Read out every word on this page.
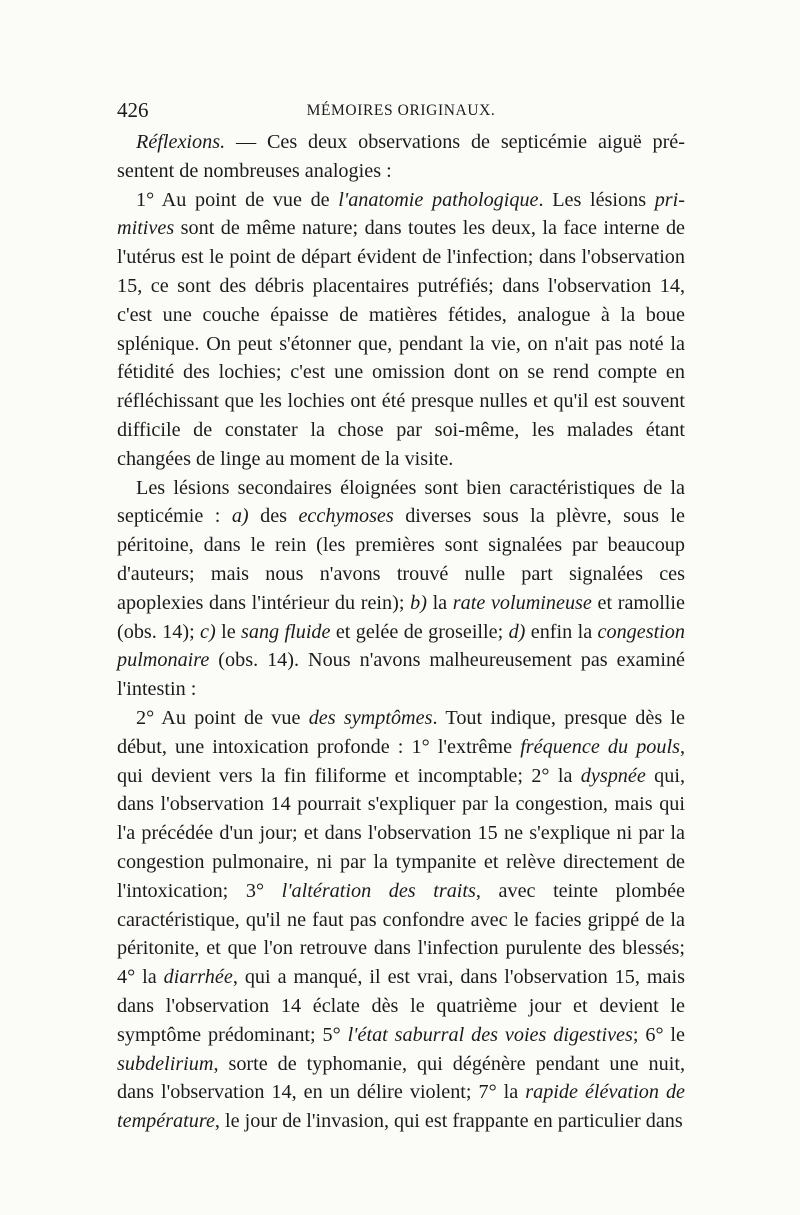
426	MÉMOIRES ORIGINAUX.

Réflexions. — Ces deux observations de septicémie aiguë présentent de nombreuses analogies :

1° Au point de vue de l'anatomie pathologique. Les lésions primitives sont de même nature; dans toutes les deux, la face interne de l'utérus est le point de départ évident de l'infection; dans l'observation 15, ce sont des débris placentaires putréfiés; dans l'observation 14, c'est une couche épaisse de matières fétides, analogue à la boue splénique. On peut s'étonner que, pendant la vie, on n'ait pas noté la fétidité des lochies; c'est une omission dont on se rend compte en réfléchissant que les lochies ont été presque nulles et qu'il est souvent difficile de constater la chose par soi-même, les malades étant changées de linge au moment de la visite.

Les lésions secondaires éloignées sont bien caractéristiques de la septicémie : a) des ecchymoses diverses sous la plèvre, sous le péritoine, dans le rein (les premières sont signalées par beaucoup d'auteurs; mais nous n'avons trouvé nulle part signalées ces apoplexies dans l'intérieur du rein); b) la rate volumineuse et ramollie (obs. 14); c) le sang fluide et gelée de groseille; d) enfin la congestion pulmonaire (obs. 14). Nous n'avons malheureusement pas examiné l'intestin :

2° Au point de vue des symptômes. Tout indique, presque dès le début, une intoxication profonde : 1° l'extrême fréquence du pouls, qui devient vers la fin filiforme et incomptable; 2° la dyspnée qui, dans l'observation 14 pourrait s'expliquer par la congestion, mais qui l'a précédée d'un jour; et dans l'observation 15 ne s'explique ni par la congestion pulmonaire, ni par la tympanite et relève directement de l'intoxication; 3° l'altération des traits, avec teinte plombée caractéristique, qu'il ne faut pas confondre avec le facies grippé de la péritonite, et que l'on retrouve dans l'infection purulente des blessés; 4° la diarrhée, qui a manqué, il est vrai, dans l'observation 15, mais dans l'observation 14 éclate dès le quatrième jour et devient le symptôme prédominant; 5° l'état saburral des voies digestives; 6° le subdelirium, sorte de typhomanie, qui dégénère pendant une nuit, dans l'observation 14, en un délire violent; 7° la rapide élévation de température, le jour de l'invasion, qui est frappante en particulier dans
